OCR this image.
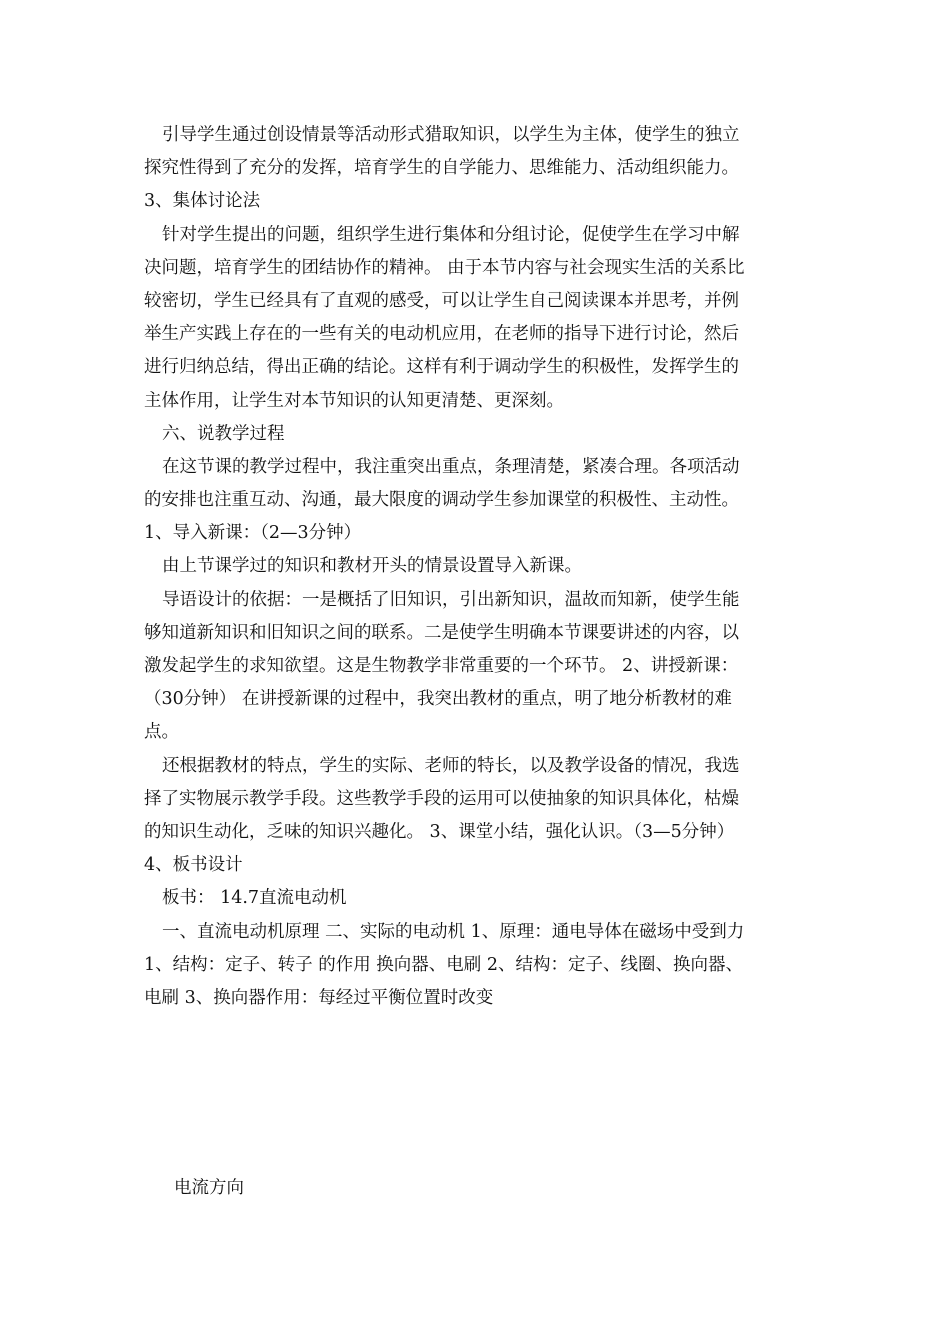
引导学生通过创设情景等活动形式猎取知识，以学生为主体，使学生的独立
探究性得到了充分的发挥，培育学生的自学能力、思维能力、活动组织能力。
3、集体讨论法
针对学生提出的问题，组织学生进行集体和分组讨论，促使学生在学习中解
决问题，培育学生的团结协作的精神。 由于本节内容与社会现实生活的关系比
较密切，学生已经具有了直观的感受，可以让学生自己阅读课本并思考，并例
举生产实践上存在的一些有关的电动机应用，在老师的指导下进行讨论，然后
进行归纳总结，得出正确的结论。这样有利于调动学生的积极性，发挥学生的
主体作用，让学生对本节知识的认知更清楚、更深刻。
六、说教学过程
在这节课的教学过程中，我注重突出重点，条理清楚，紧凑合理。各项活动
的安排也注重互动、沟通，最大限度的调动学生参加课堂的积极性、主动性。
1、导入新课：（2—3分钟）
由上节课学过的知识和教材开头的情景设置导入新课。
导语设计的依据：一是概括了旧知识，引出新知识，温故而知新，使学生能
够知道新知识和旧知识之间的联系。二是使学生明确本节课要讲述的内容，以
激发起学生的求知欲望。这是生物教学非常重要的一个环节。 2、讲授新课：
（30分钟） 在讲授新课的过程中，我突出教材的重点，明了地分析教材的难
点。
还根据教材的特点，学生的实际、老师的特长，以及教学设备的情况，我选
择了实物展示教学手段。这些教学手段的运用可以使抽象的知识具体化，枯燥
的知识生动化，乏味的知识兴趣化。 3、课堂小结，强化认识。（3—5分钟）
4、板书设计
板书： 14.7直流电动机
一、直流电动机原理 二、实际的电动机 1、原理：通电导体在磁场中受到力
1、结构：定子、转子 的作用 换向器、电刷 2、结构：定子、线圈、换向器、
电刷 3、换向器作用：每经过平衡位置时改变
电流方向
